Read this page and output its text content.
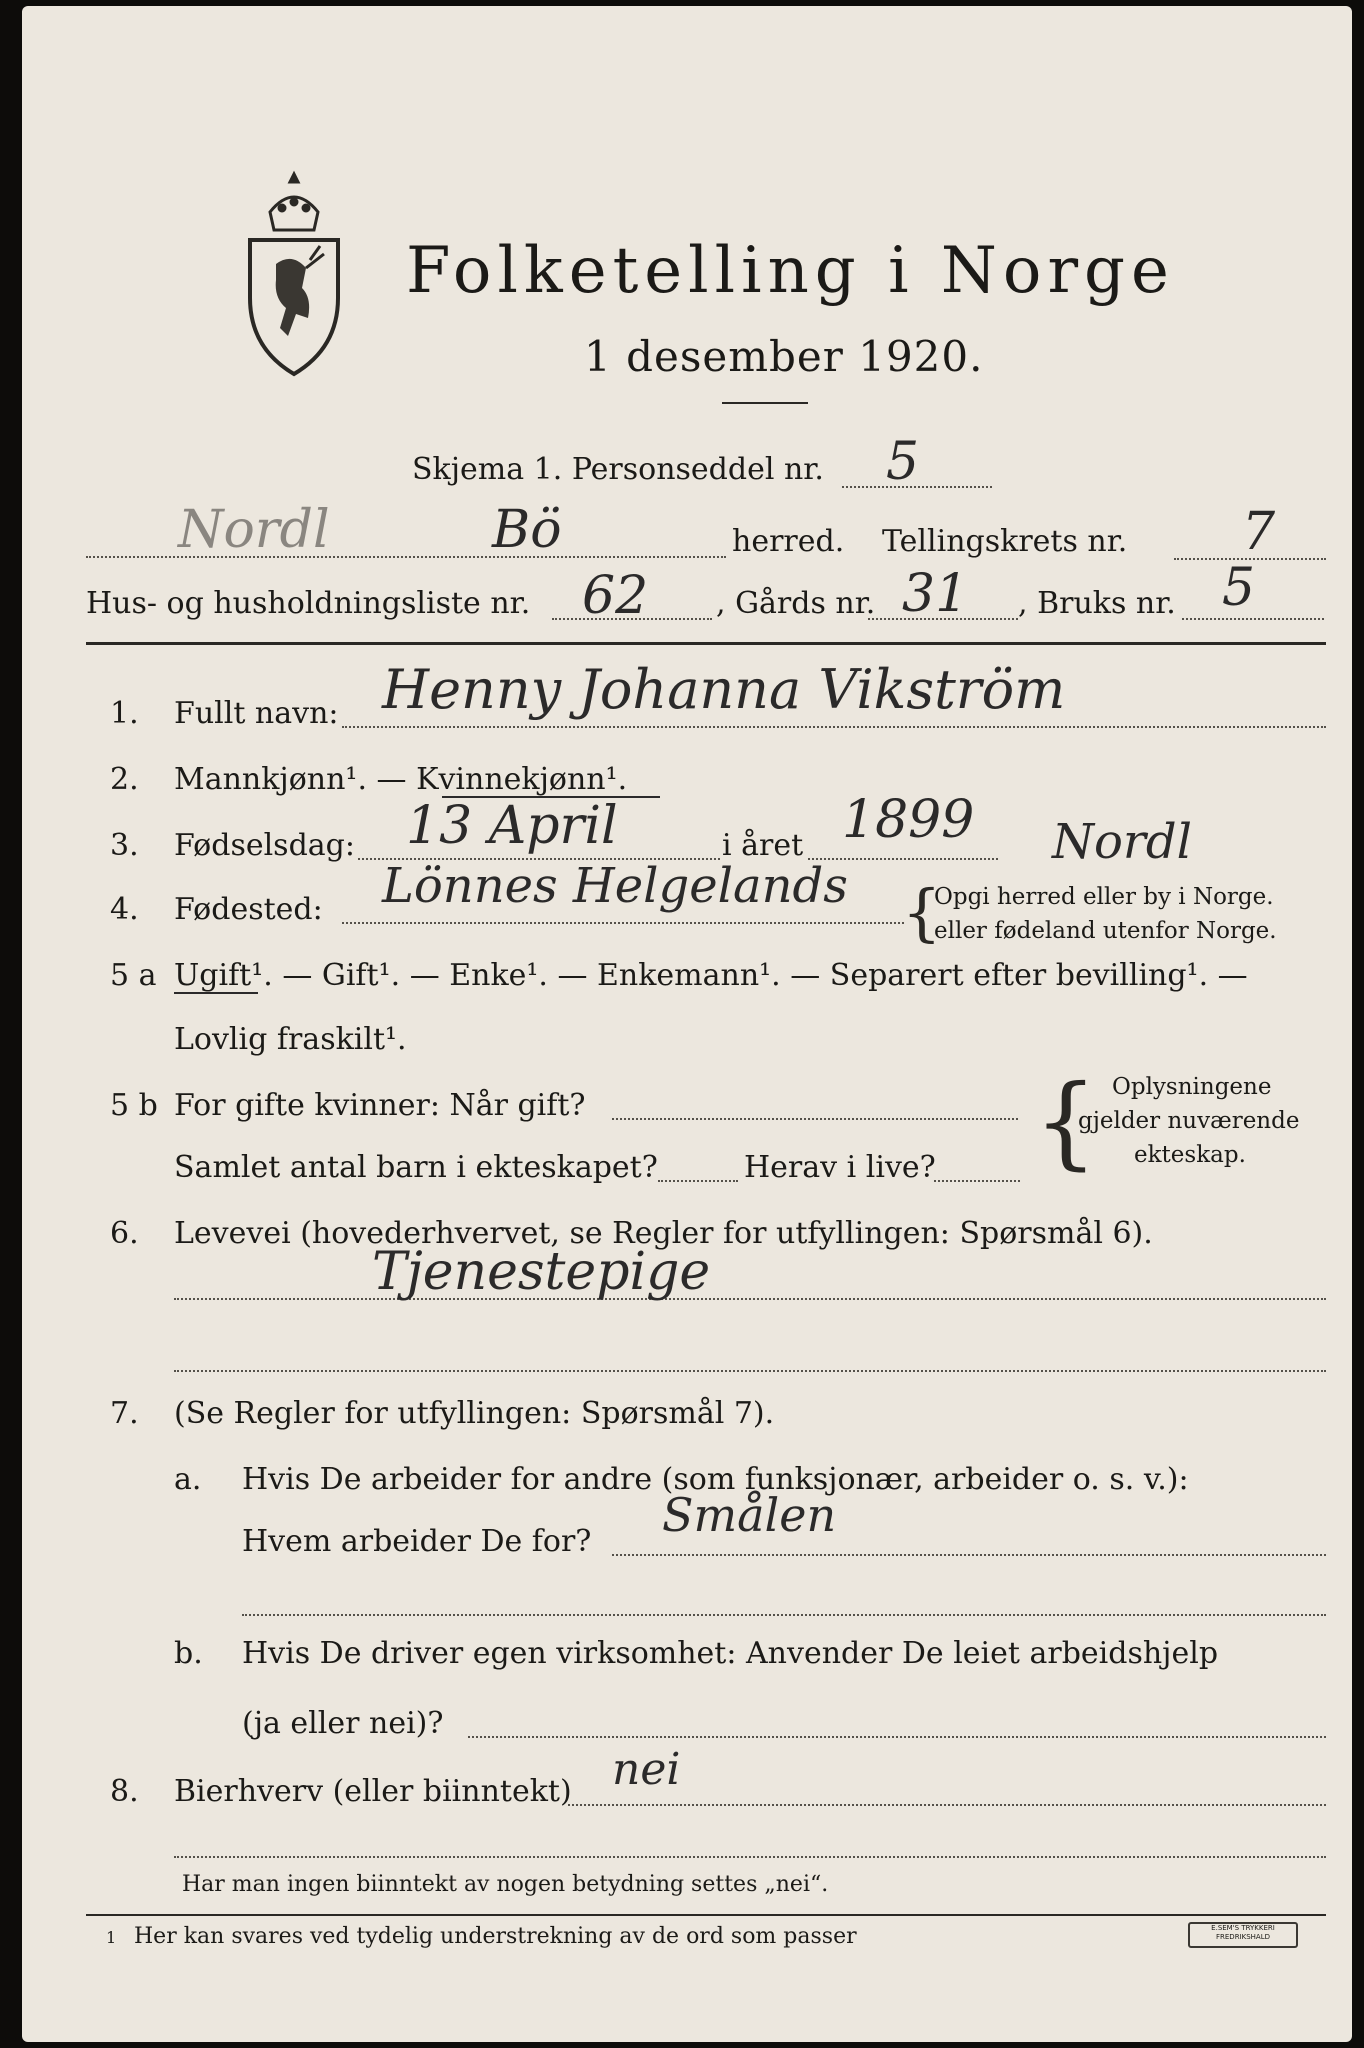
Folketelling i Norge
1 desember 1920.
Skjema 1. Personseddel nr. 5
Nordl	Bö	herred. Tellingskrets nr. 7
Hus- og husholdningsliste nr. 62 , Gårds nr. 31 , Bruks nr. 5
1. Fullt navn: Henny Johanna Vikström
2. Mannkjønn¹. — Kvinnekjønn¹.
3. Fødselsdag: 13 April	i året 1899 Nordl
4. Fødested: Lönnes Helgelands {
Opgi herred eller by i Norge.
eller fødeland utenfor Norge.
5 a Ugift¹. — Gift¹. — Enke¹. — Enkemann¹. — Separert efter bevilling¹. —
Lovlig fraskilt¹.
5 b For gifte kvinner: Når gift?
Samlet antal barn i ekteskapet?	Herav i live? { Oplysningene
gjelder nuværende
ekteskap.
6. Levevei (hovederhvervet, se Regler for utfyllingen: Spørsmål 6).
Tjenestepige
7. (Se Regler for utfyllingen: Spørsmål 7).
a. Hvis De arbeider for andre (som funksjonær, arbeider o. s. v.):
Hvem arbeider De for? Smålen
b. Hvis De driver egen virksomhet: Anvender De leiet arbeidshjelp
(ja eller nei)?
8. Bierhverv (eller biinntekt) nei
Har man ingen biinntekt av nogen betydning settes „nei“.
1 Her kan svares ved tydelig understrekning av de ord som passer	E.SEM'S TRYKKERI
FREDRIKSHALD
